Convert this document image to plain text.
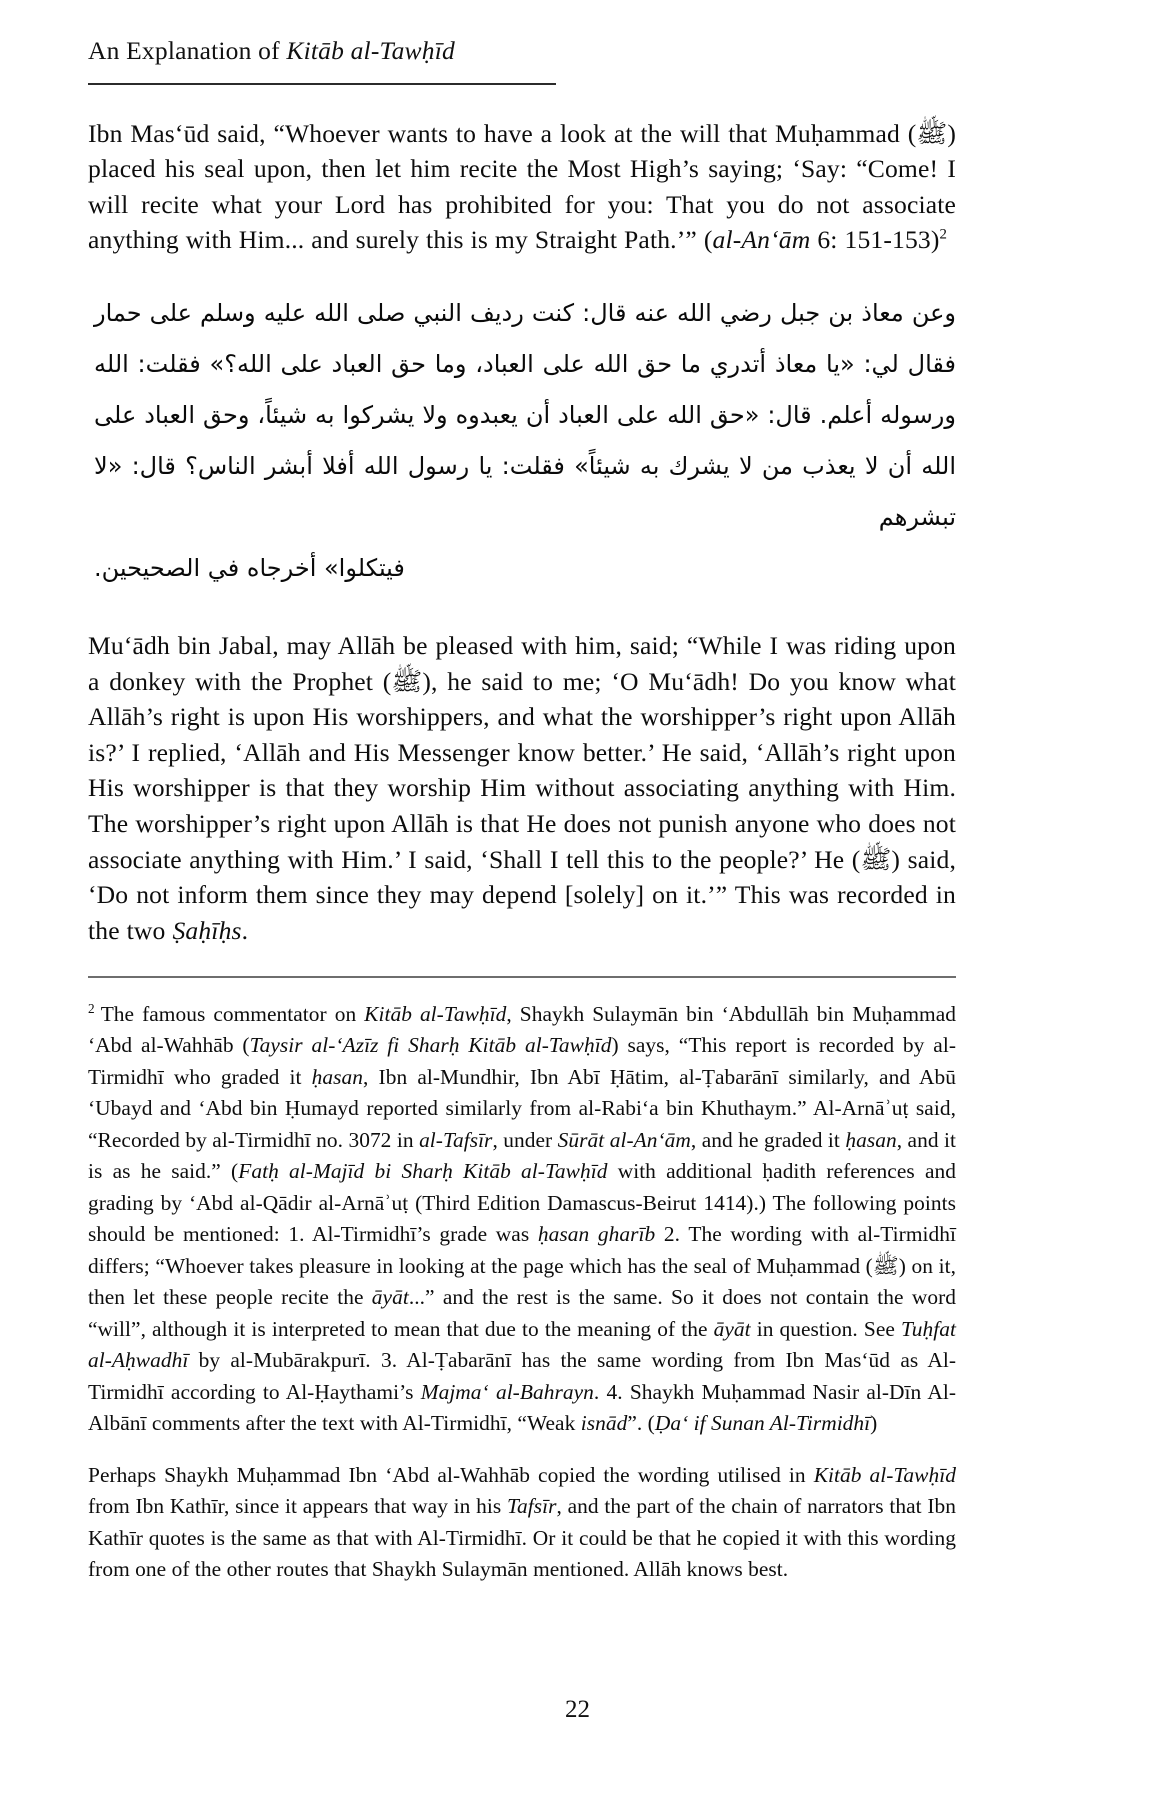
An Explanation of Kitāb al-Tawḥīd

Ibn Masʻūd said, “Whoever wants to have a look at the will that Muḥammad (ﷺ) placed his seal upon, then let him recite the Most High’s saying; ‘Say: “Come! I will recite what your Lord has prohibited for you: That you do not associate anything with Him... and surely this is my Straight Path.’” (al-Anʻām 6: 151-153)$^2$

وعن معاذ بن جبل رضي الله عنه قال: كنت رديف النبي صلى الله عليه وسلم على حمار فقال لي: «يا معاذ أتدري ما حق الله على العباد، وما حق العباد على الله؟» فقلت: الله ورسوله أعلم. قال: «حق الله على العباد أن يعبدوه ولا يشركوا به شيئاً، وحق العباد على الله أن لا يعذب من لا يشرك به شيئاً» فقلت: يا رسول الله أفلا أبشر الناس؟ قال: «لا تبشرهم

فيتكلوا» أخرجاه في الصحيحين.

Muʻādh bin Jabal, may Allāh be pleased with him, said; “While I was riding upon a donkey with the Prophet (ﷺ), he said to me; ‘O Muʻādh! Do you know what Allāh’s right is upon His worshippers, and what the worshipper’s right upon Allāh is?’ I replied, ‘Allāh and His Messenger know better.’ He said, ‘Allāh’s right upon His worshipper is that they worship Him without associating anything with Him. The worshipper’s right upon Allāh is that He does not punish anyone who does not associate anything with Him.’ I said, ‘Shall I tell this to the people?’ He (ﷺ) said, ‘Do not inform them since they may depend [solely] on it.’” This was recorded in the two Ṣaḥīḥs.

$^2$ The famous commentator on Kitāb al-Tawḥīd, Shaykh Sulaymān bin ʻAbdullāh bin Muḥammad ʻAbd al-Wahhāb (Taysir al-ʻAzīz fi Sharḥ Kitāb al-Tawḥīd) says, “This report is recorded by al-Tirmidhī who graded it ḥasan, Ibn al-Mundhir, Ibn Abī Ḥātim, al-Ṭabarānī similarly, and Abū ʻUbayd and ʻAbd bin Ḥumayd reported similarly from al-Rabiʻa bin Khuthaym.” Al-Arnāʾuṭ said, “Recorded by al-Tirmidhī no. 3072 in al-Tafsīr, under Sūrāt al-Anʻām, and he graded it ḥasan, and it is as he said.” (Fatḥ al-Majīd bi Sharḥ Kitāb al-Tawḥīd with additional ḥadith references and grading by ʻAbd al-Qādir al-Arnāʾuṭ (Third Edition Damascus-Beirut 1414).) The following points should be mentioned: 1. Al-Tirmidhī’s grade was ḥasan gharīb 2. The wording with al-Tirmidhī differs; “Whoever takes pleasure in looking at the page which has the seal of Muḥammad (ﷺ) on it, then let these people recite the āyāt...” and the rest is the same. So it does not contain the word “will”, although it is interpreted to mean that due to the meaning of the āyāt in question. See Tuḥfat al-Aḥwadhī by al-Mubārakpurī. 3. Al-Ṭabarānī has the same wording from Ibn Masʻūd as Al-Tirmidhī according to Al-Ḥaythami’s Majmaʻ al-Bahrayn. 4. Shaykh Muḥammad Nasir al-Dīn Al-Albānī comments after the text with Al-Tirmidhī, “Weak isnād”. (Ḍaʻ if Sunan Al-Tirmidhī)

Perhaps Shaykh Muḥammad Ibn ʻAbd al-Wahhāb copied the wording utilised in Kitāb al-Tawḥīd from Ibn Kathīr, since it appears that way in his Tafsīr, and the part of the chain of narrators that Ibn Kathīr quotes is the same as that with Al-Tirmidhī. Or it could be that he copied it with this wording from one of the other routes that Shaykh Sulaymān mentioned. Allāh knows best.

22
